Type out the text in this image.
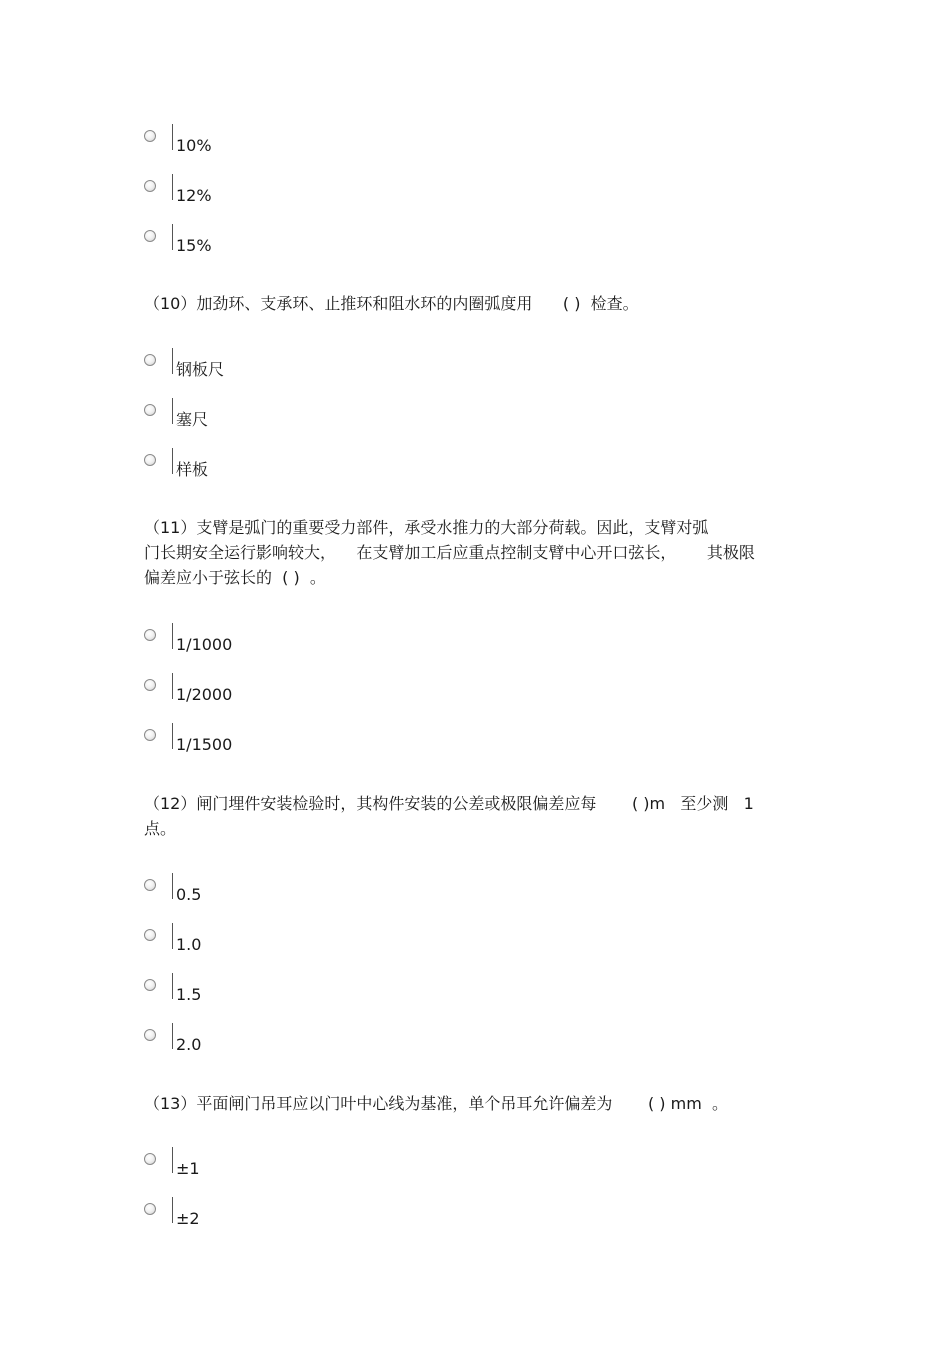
10%
12%
15%
（10）加劲环、支承环、止推环和阻水环的内圈弧度用      ( )  检查。
钢板尺
塞尺
样板
（11）支臂是弧门的重要受力部件，承受水推力的大部分荷载。因此，支臂对弧
门长期安全运行影响较大，    在支臂加工后应重点控制支臂中心开口弦长，      其极限
偏差应小于弦长的  ( )  。
1/1000
1/2000
1/1500
（12）闸门埋件安装检验时，其构件安装的公差或极限偏差应每       ( )m   至少测   1
点。
0.5
1.0
1.5
2.0
（13）平面闸门吊耳应以门叶中心线为基准，单个吊耳允许偏差为       ( ) mm  。
±1
±2
